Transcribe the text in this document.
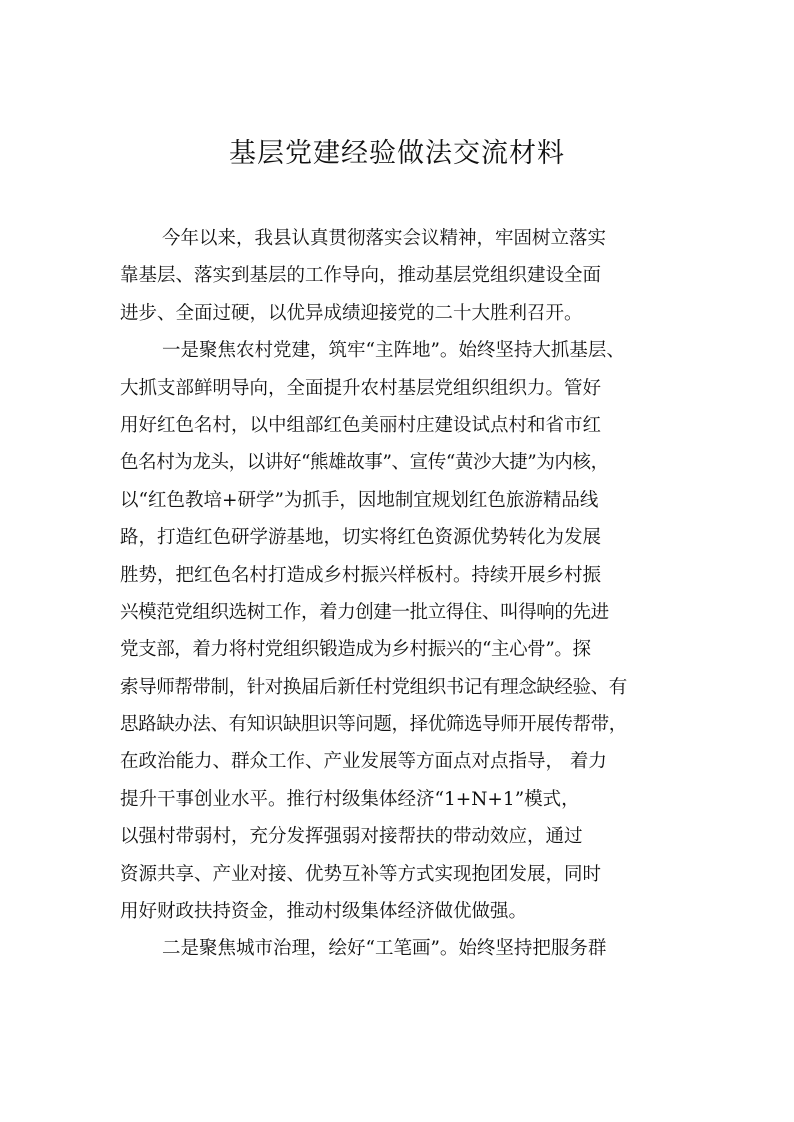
基层党建经验做法交流材料
今年以来，我县认真贯彻落实会议精神，牢固树立落实
靠基层、落实到基层的工作导向，推动基层党组织建设全面
进步、全面过硬，以优异成绩迎接党的二十大胜利召开。
一是聚焦农村党建，筑牢“主阵地”。始终坚持大抓基层、
大抓支部鲜明导向，全面提升农村基层党组织组织力。管好
用好红色名村，以中组部红色美丽村庄建设试点村和省市红
色名村为龙头，以讲好“熊雄故事”、宣传“黄沙大捷”为内核，
以“红色教培+研学”为抓手，因地制宜规划红色旅游精品线
路，打造红色研学游基地，切实将红色资源优势转化为发展
胜势，把红色名村打造成乡村振兴样板村。持续开展乡村振
兴模范党组织选树工作，着力创建一批立得住、叫得响的先进
党支部，着力将村党组织锻造成为乡村振兴的“主心骨”。探
索导师帮带制，针对换届后新任村党组织书记有理念缺经验、有
思路缺办法、有知识缺胆识等问题，择优筛选导师开展传帮带，
在政治能力、群众工作、产业发展等方面点对点指导， 着力
提升干事创业水平。推行村级集体经济“1+N+1”模式，
以强村带弱村，充分发挥强弱对接帮扶的带动效应，通过
资源共享、产业对接、优势互补等方式实现抱团发展，同时
用好财政扶持资金，推动村级集体经济做优做强。
二是聚焦城市治理，绘好“工笔画”。始终坚持把服务群
